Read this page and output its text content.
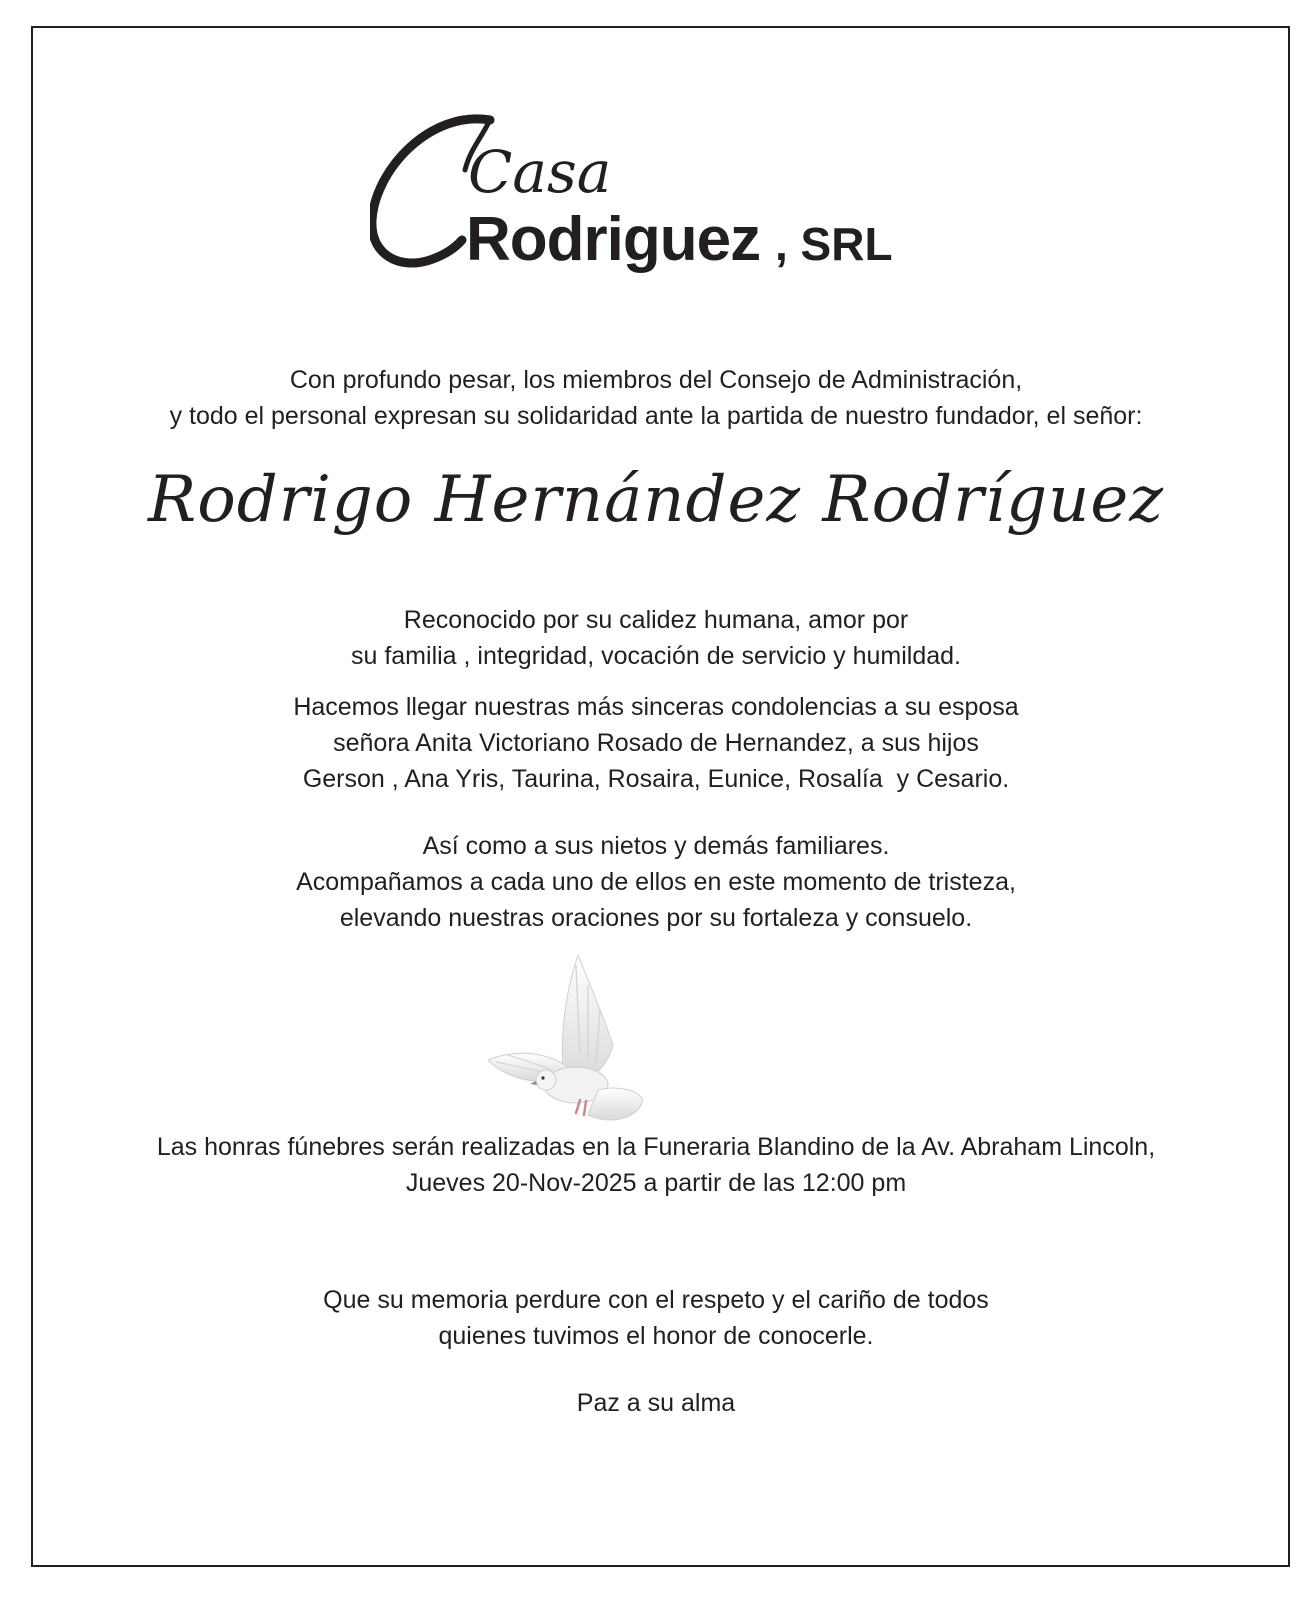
Casa
Rodriguez , SRL
Con profundo pesar, los miembros del Consejo de Administración,
y todo el personal expresan su solidaridad ante la partida de nuestro fundador, el señor:
Rodrigo Hernández Rodríguez
Reconocido por su calidez humana, amor por
su familia , integridad, vocación de servicio y humildad.
Hacemos llegar nuestras más sinceras condolencias a su esposa
señora Anita Victoriano Rosado de Hernandez, a sus hijos
Gerson , Ana Yris, Taurina, Rosaira, Eunice, Rosalía  y Cesario.
Así como a sus nietos y demás familiares.
Acompañamos a cada uno de ellos en este momento de tristeza,
elevando nuestras oraciones por su fortaleza y consuelo.
Las honras fúnebres serán realizadas en la Funeraria Blandino de la Av. Abraham Lincoln,
Jueves 20-Nov-2025 a partir de las 12:00 pm
Que su memoria perdure con el respeto y el cariño de todos
quienes tuvimos el honor de conocerle.
Paz a su alma
